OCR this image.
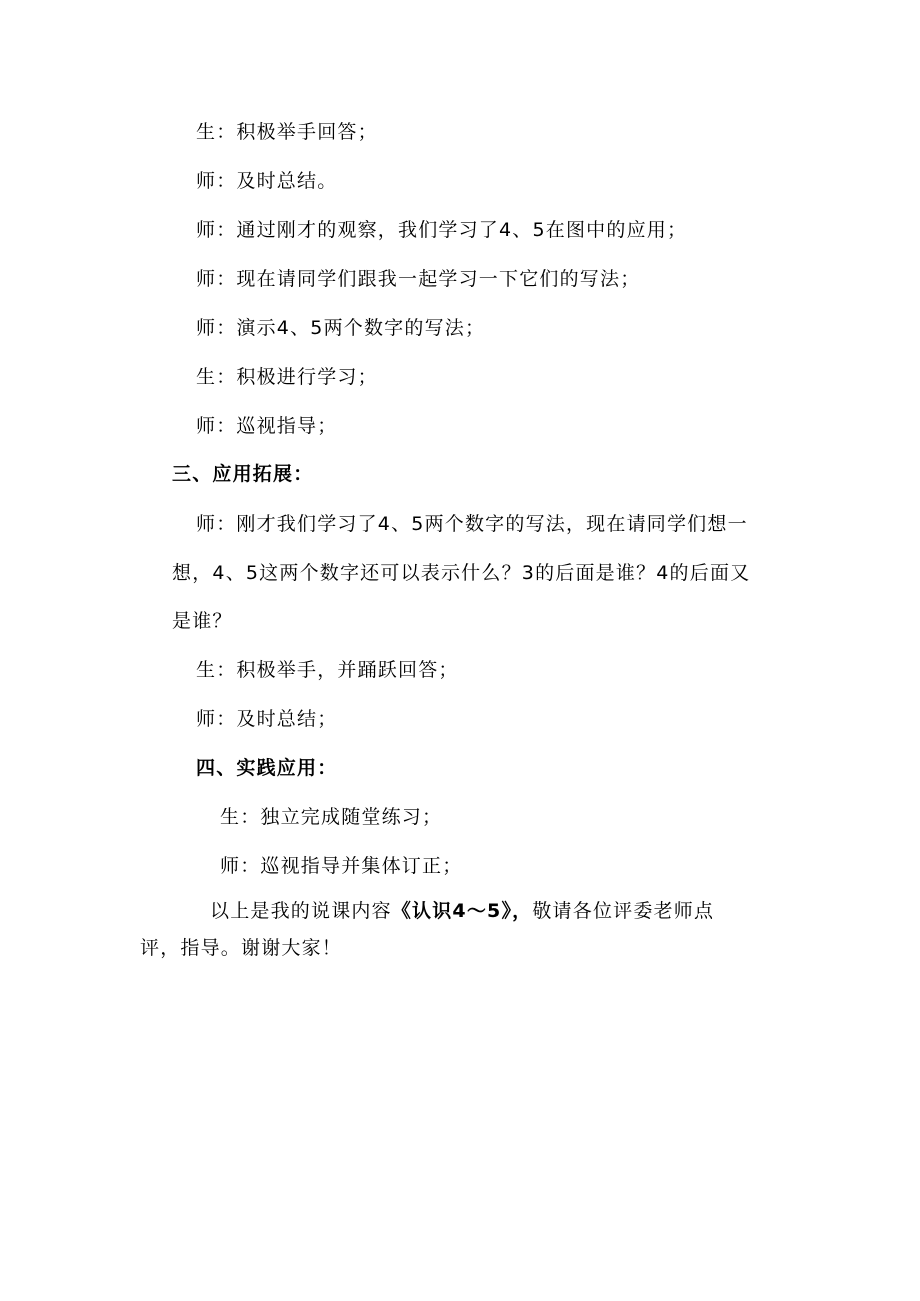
生：积极举手回答；
师：及时总结。
师：通过刚才的观察，我们学习了4、5在图中的应用；
师：现在请同学们跟我一起学习一下它们的写法；
师：演示4、5两个数字的写法；
生：积极进行学习；
师：巡视指导；
三、应用拓展：
师：刚才我们学习了4、5两个数字的写法，现在请同学们想一
想，4、5这两个数字还可以表示什么？3的后面是谁？4的后面又
是谁？
生：积极举手，并踊跃回答；
师：及时总结；
四、实践应用：
生：独立完成随堂练习；
师：巡视指导并集体订正；
以上是我的说课内容《认识4～5》，敬请各位评委老师点
评，指导。谢谢大家！
